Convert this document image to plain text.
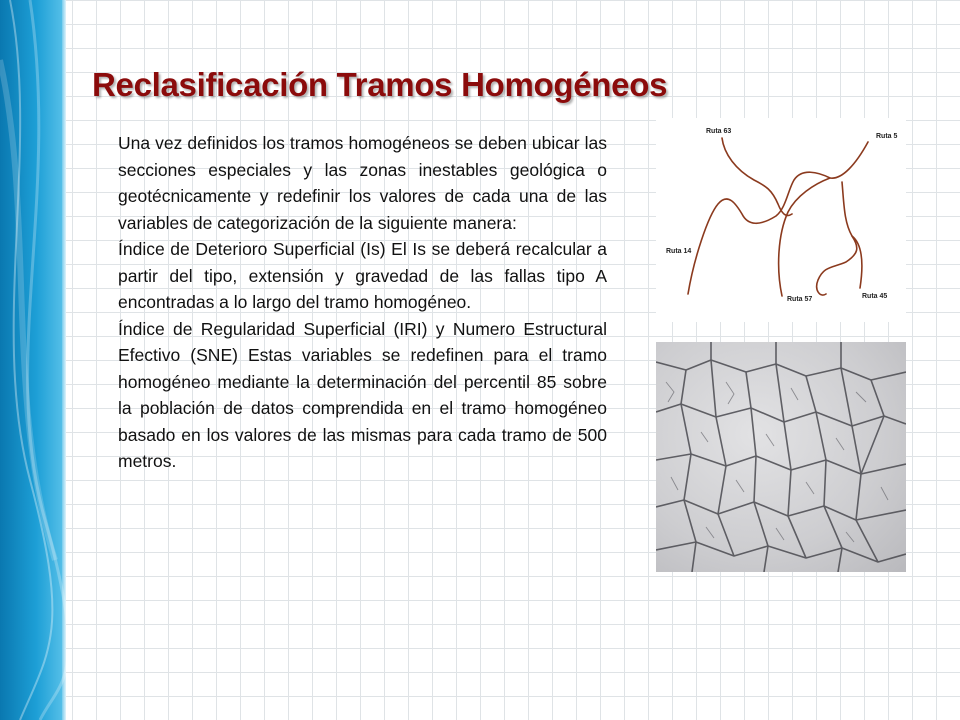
Reclasificación Tramos Homogéneos

Una vez definidos los tramos homogéneos se deben ubicar las secciones especiales y las zonas inestables geológica o geotécnicamente y redefinir los valores de cada una de las variables de categorización de la siguiente manera:

Índice de Deterioro Superficial (Is) El Is se deberá recalcular a partir del tipo, extensión y gravedad de las fallas tipo A encontradas a lo largo del tramo homogéneo.

Índice de Regularidad Superficial (IRI) y Numero Estructural Efectivo (SNE) Estas variables se redefinen para el tramo homogéneo mediante la determinación del percentil 85 sobre la población de datos comprendida en el tramo homogéneo basado en los valores de las mismas para cada tramo de 500 metros.

Ruta 63
Ruta 5
Ruta 14
Ruta 57	Ruta 45
